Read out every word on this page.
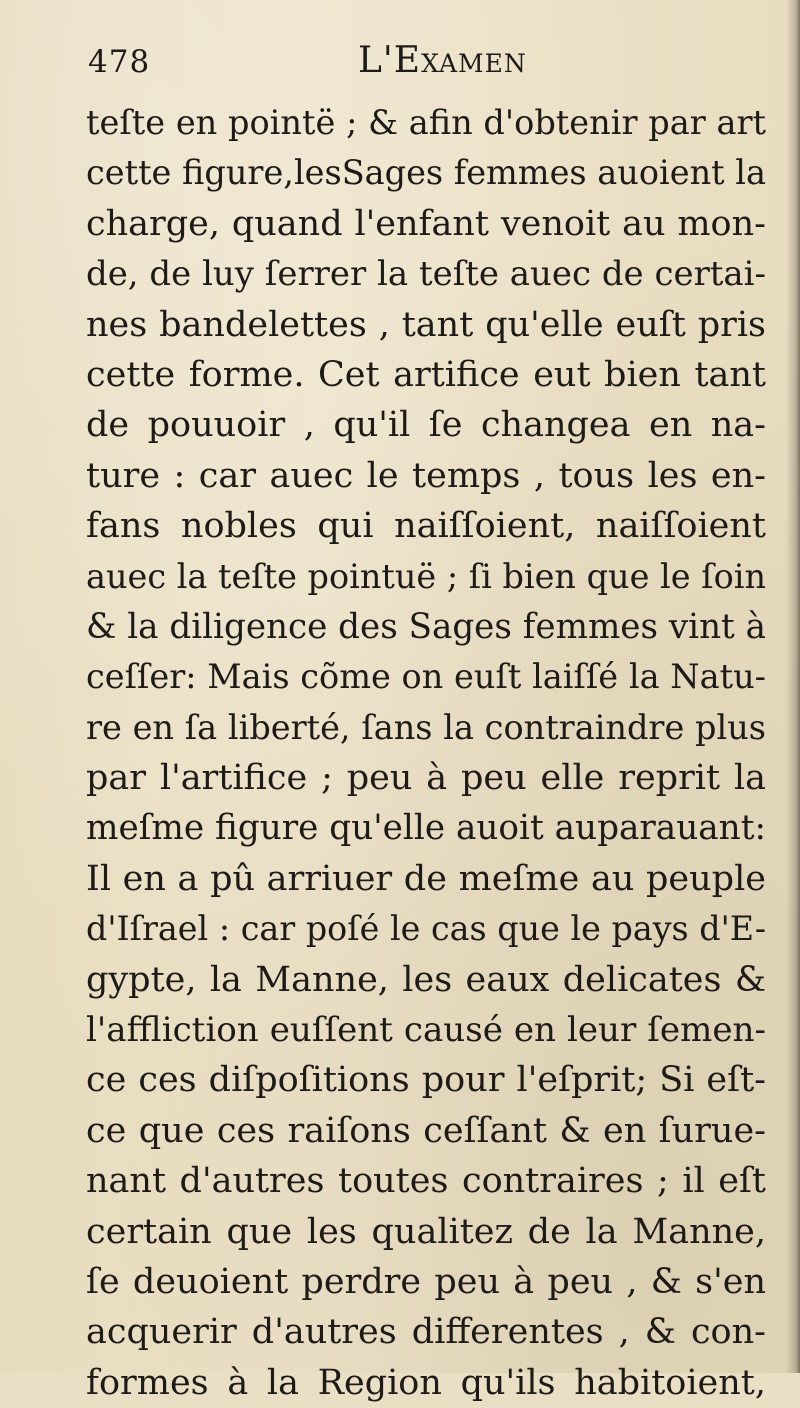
478	L'Examen
teſte en pointë ; & afin d'obtenir par art
cette figure,lesSages femmes auoient la
charge, quand l'enfant venoit au mon-
de, de luy ſerrer la teſte auec de certai-
nes bandelettes , tant qu'elle euſt pris
cette forme. Cet artifice eut bien tant
de pouuoir , qu'il ſe changea en na-
ture : car auec le temps , tous les en-
fans nobles qui naiſſoient, naiſſoient
auec la teſte pointuë ; ſi bien que le ſoin
& la diligence des Sages femmes vint à
ceſſer: Mais cõme on euſt laiſſé la Natu-
re en ſa liberté, ſans la contraindre plus
par l'artifice ; peu à peu elle reprit la
meſme figure qu'elle auoit auparauant:
Il en a pû arriuer de meſme au peuple
d'Iſrael : car poſé le cas que le pays d'E-
gypte, la Manne, les eaux delicates &
l'affliction euſſent causé en leur ſemen-
ce ces diſpoſitions pour l'eſprit; Si eſt-
ce que ces raiſons ceſſant & en ſurue-
nant d'autres toutes contraires ; il eſt
certain que les qualitez de la Manne,
ſe deuoient perdre peu à peu , & s'en
acquerir d'autres differentes , & con-
formes à la Region qu'ils habitoient,
